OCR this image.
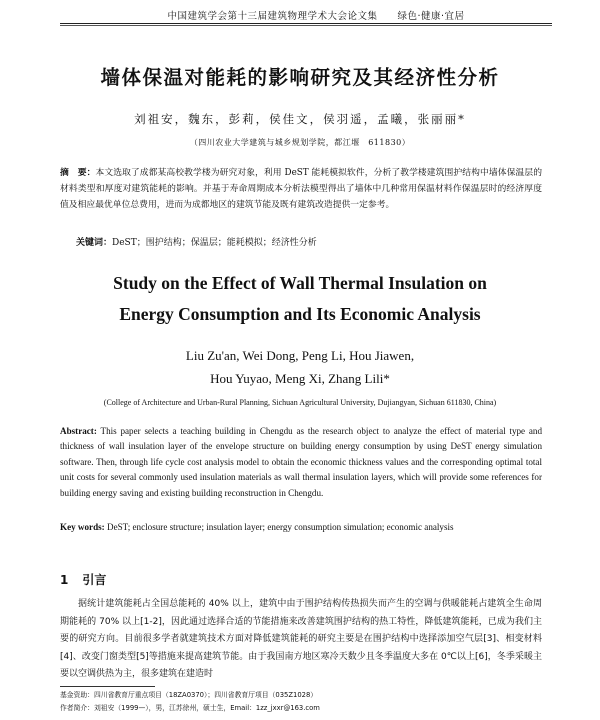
中国建筑学会第十三届建筑物理学术大会论文集　　绿色·健康·宜居
墙体保温对能耗的影响研究及其经济性分析
刘祖安，魏东，彭莉，侯佳文，侯羽遥，孟曦，张丽丽*
（四川农业大学建筑与城乡规划学院，都江堰　611830）
摘　要：本文选取了成都某高校教学楼为研究对象，利用 DeST 能耗模拟软件，分析了教学楼建筑围护结构中墙体保温层的材料类型和厚度对建筑能耗的影响。并基于寿命周期成本分析法模型得出了墙体中几种常用保温材料作保温层时的经济厚度值及相应最优单位总费用，进而为成都地区的建筑节能及既有建筑改造提供一定参考。
关键词：DeST；围护结构；保温层；能耗模拟；经济性分析
Study on the Effect of Wall Thermal Insulation on
Energy Consumption and Its Economic Analysis
Liu Zu'an, Wei Dong, Peng Li, Hou Jiawen,
Hou Yuyao, Meng Xi, Zhang Lili*
(College of Architecture and Urban-Rural Planning, Sichuan Agricultural University, Dujiangyan, Sichuan 611830, China)
Abstract: This paper selects a teaching building in Chengdu as the research object to analyze the effect of material type and thickness of wall insulation layer of the envelope structure on building energy consumption by using DeST energy simulation software. Then, through life cycle cost analysis model to obtain the economic thickness values and the corresponding optimal total unit costs for several commonly used insulation materials as wall thermal insulation layers, which will provide some references for building energy saving and existing building reconstruction in Chengdu.
Key words: DeST; enclosure structure; insulation layer; energy consumption simulation; economic analysis
1 引言
据统计建筑能耗占全国总能耗的 40% 以上，建筑中由于围护结构传热损失而产生的空调与供暖能耗占建筑全生命周期能耗的 70% 以上[1-2]，因此通过选择合适的节能措施来改善建筑围护结构的热工特性，降低建筑能耗，已成为我们主要的研究方向。目前很多学者就建筑技术方面对降低建筑能耗的研究主要是在围护结构中选择添加空气层[3]、相变材料[4]、改变门窗类型[5]等措施来提高建筑节能。由于我国南方地区寒冷天数少且冬季温度大多在 0℃以上[6]，冬季采暖主要以空调供热为主，很多建筑在建造时
基金资助：四川省教育厅重点项目（18ZA0370）；四川省教育厅项目（035Z1028）
作者简介：刘祖安（1999—），男，江苏徐州，硕士生，Email：1zz_jxxr@163.com
